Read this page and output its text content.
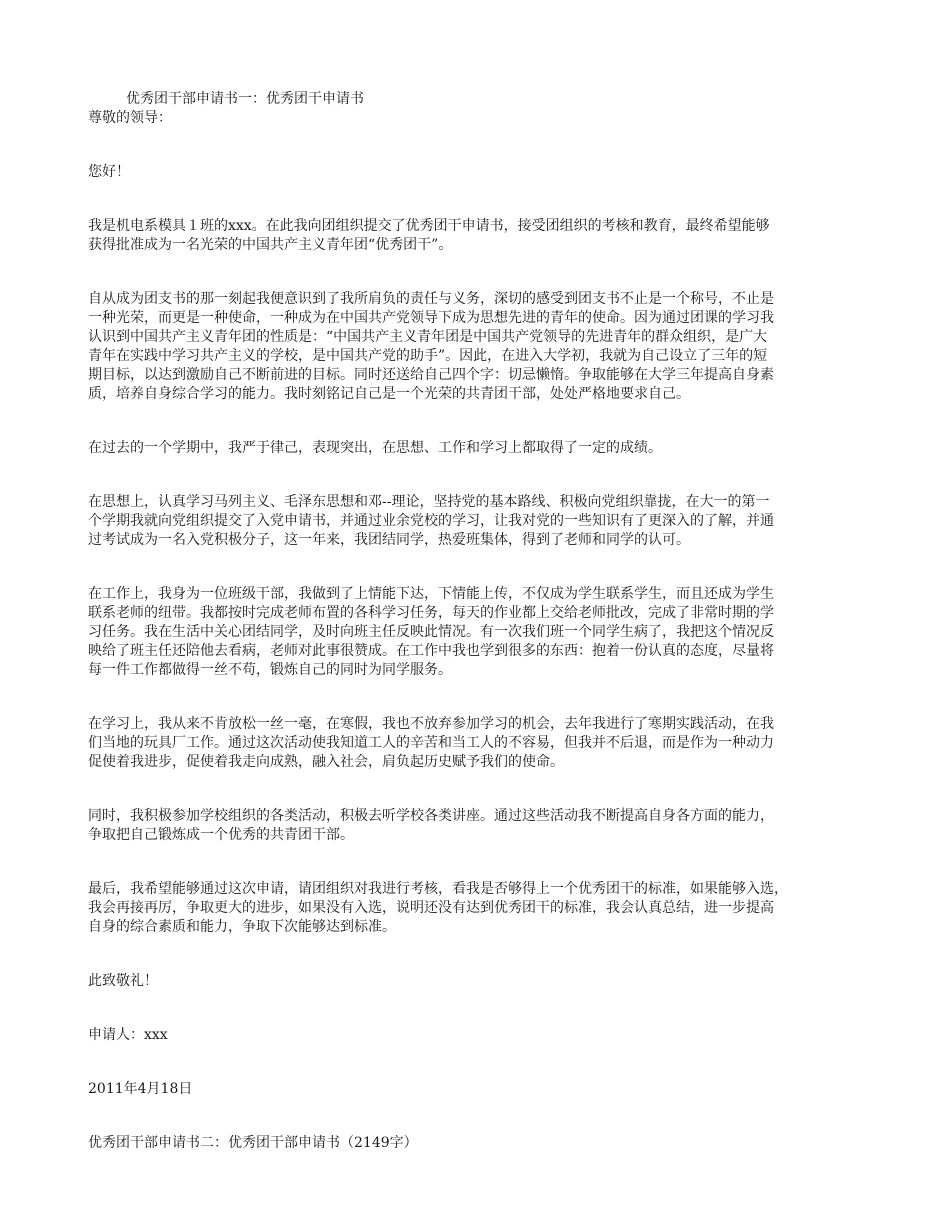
优秀团干部申请书一：优秀团干申请书

尊敬的领导：

您好！

我是机电系模具１班的xxx。在此我向团组织提交了优秀团干申请书，接受团组织的考核和教育，最终希望能够
获得批准成为一名光荣的中国共产主义青年团“优秀团干”。

自从成为团支书的那一刻起我便意识到了我所肩负的责任与义务，深切的感受到团支书不止是一个称号，不止是
一种光荣，而更是一种使命，一种成为在中国共产党领导下成为思想先进的青年的使命。因为通过团课的学习我
认识到中国共产主义青年团的性质是：“中国共产主义青年团是中国共产党领导的先进青年的群众组织，是广大
青年在实践中学习共产主义的学校，是中国共产党的助手”。因此，在进入大学初，我就为自己设立了三年的短
期目标，以达到激励自己不断前进的目标。同时还送给自己四个字：切忌懒惰。争取能够在大学三年提高自身素
质，培养自身综合学习的能力。我时刻铭记自己是一个光荣的共青团干部，处处严格地要求自己。

在过去的一个学期中，我严于律己，表现突出，在思想、工作和学习上都取得了一定的成绩。

在思想上，认真学习马列主义、毛泽东思想和邓--理论，坚持党的基本路线、积极向党组织靠拢，在大一的第一
个学期我就向党组织提交了入党申请书，并通过业余党校的学习，让我对党的一些知识有了更深入的了解，并通
过考试成为一名入党积极分子，这一年来，我团结同学，热爱班集体，得到了老师和同学的认可。

在工作上，我身为一位班级干部，我做到了上情能下达，下情能上传，不仅成为学生联系学生，而且还成为学生
联系老师的纽带。我都按时完成老师布置的各科学习任务，每天的作业都上交给老师批改，完成了非常时期的学
习任务。我在生活中关心团结同学，及时向班主任反映此情况。有一次我们班一个同学生病了，我把这个情况反
映给了班主任还陪他去看病，老师对此事很赞成。在工作中我也学到很多的东西：抱着一份认真的态度，尽量将
每一件工作都做得一丝不苟，锻炼自己的同时为同学服务。

在学习上，我从来不肯放松一丝一毫，在寒假，我也不放弃参加学习的机会，去年我进行了寒期实践活动，在我
们当地的玩具厂工作。通过这次活动使我知道工人的辛苦和当工人的不容易，但我并不后退，而是作为一种动力
促使着我进步，促使着我走向成熟，融入社会，肩负起历史赋予我们的使命。

同时，我积极参加学校组织的各类活动，积极去听学校各类讲座。通过这些活动我不断提高自身各方面的能力，
争取把自己锻炼成一个优秀的共青团干部。

最后，我希望能够通过这次申请，请团组织对我进行考核，看我是否够得上一个优秀团干的标准，如果能够入选，
我会再接再厉，争取更大的进步，如果没有入选，说明还没有达到优秀团干的标准，我会认真总结，进一步提高
自身的综合素质和能力，争取下次能够达到标准。

此致敬礼！

申请人：xxx

2011年4月18日

优秀团干部申请书二：优秀团干部申请书（2149字）
